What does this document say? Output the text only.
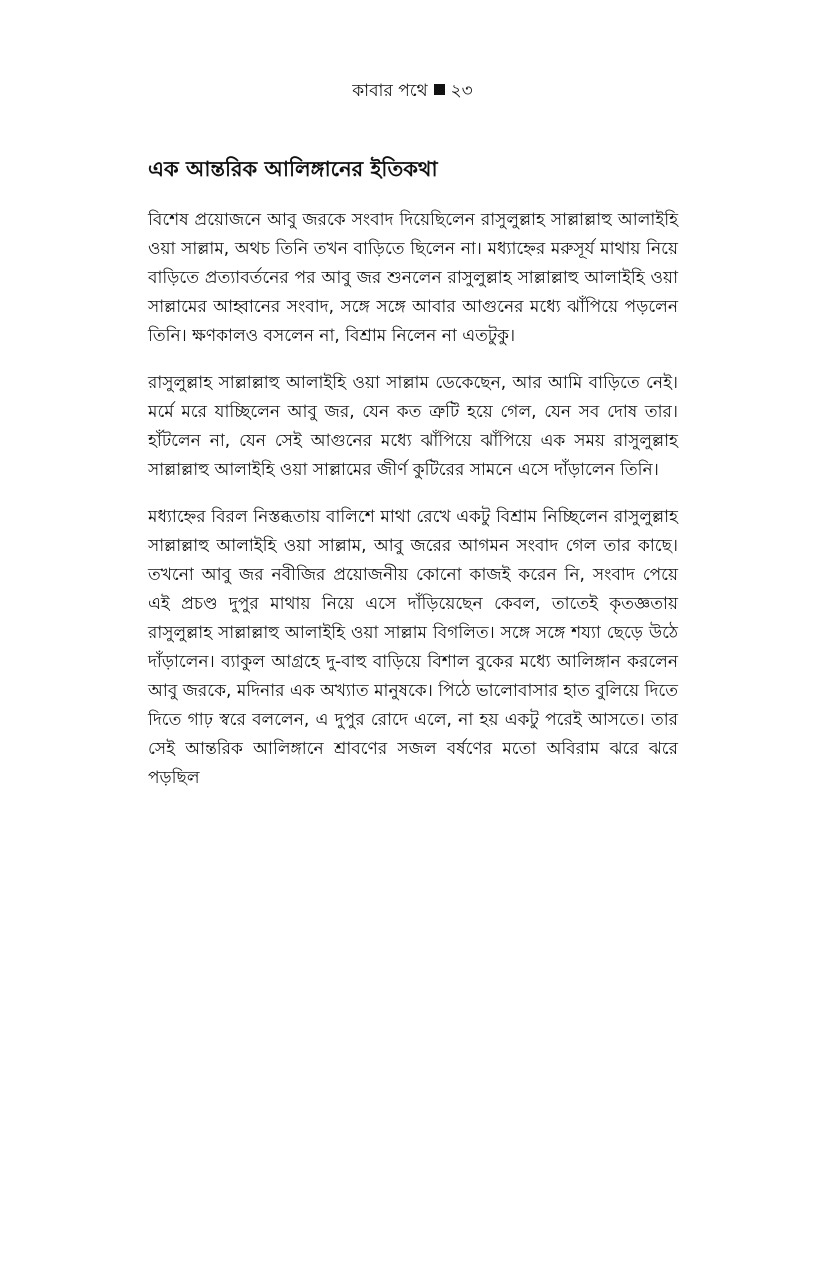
কাবার পথে ২৩
এক আন্তরিক আলিঙ্গানের ইতিকথা

বিশেষ প্রয়োজনে আবু জরকে সংবাদ দিয়েছিলেন রাসুলুল্লাহ সাল্লাল্লাহু আলাইহি ওয়া সাল্লাম, অথচ তিনি তখন বাড়িতে ছিলেন না। মধ্যাহ্নের মরুসূর্য মাথায় নিয়ে বাড়িতে প্রত্যাবর্তনের পর আবু জর শুনলেন রাসুলুল্লাহ সাল্লাল্লাহু আলাইহি ওয়া সাল্লামের আহ্বানের সংবাদ, সঙ্গে সঙ্গে আবার আগুনের মধ্যে ঝাঁপিয়ে পড়লেন তিনি। ক্ষণকালও বসলেন না, বিশ্রাম নিলেন না এতটুকু।

রাসুলুল্লাহ সাল্লাল্লাহু আলাইহি ওয়া সাল্লাম ডেকেছেন, আর আমি বাড়িতে নেই। মর্মে মরে যাচ্ছিলেন আবু জর, যেন কত ত্রুটি হয়ে গেল, যেন সব দোষ তার। হাঁটলেন না, যেন সেই আগুনের মধ্যে ঝাঁপিয়ে ঝাঁপিয়ে এক সময় রাসুলুল্লাহ সাল্লাল্লাহু আলাইহি ওয়া সাল্লামের জীর্ণ কুটিরের সামনে এসে দাঁড়ালেন তিনি।

মধ্যাহ্নের বিরল নিস্তব্ধতায় বালিশে মাথা রেখে একটু বিশ্রাম নিচ্ছিলেন রাসুলুল্লাহ সাল্লাল্লাহু আলাইহি ওয়া সাল্লাম, আবু জরের আগমন সংবাদ গেল তার কাছে। তখনো আবু জর নবীজির প্রয়োজনীয় কোনো কাজই করেন নি, সংবাদ পেয়ে এই প্রচণ্ড দুপুর মাথায় নিয়ে এসে দাঁড়িয়েছেন কেবল, তাতেই কৃতজ্ঞতায় রাসুলুল্লাহ সাল্লাল্লাহু আলাইহি ওয়া সাল্লাম বিগলিত। সঙ্গে সঙ্গে শয্যা ছেড়ে উঠে দাঁড়ালেন। ব্যাকুল আগ্রহে দু-বাহু বাড়িয়ে বিশাল বুকের মধ্যে আলিঙ্গান করলেন আবু জরকে, মদিনার এক অখ্যাত মানুষকে। পিঠে ভালোবাসার হাত বুলিয়ে দিতে দিতে গাঢ় স্বরে বললেন, এ দুপুর রোদে এলে, না হয় একটু পরেই আসতে। তার সেই আন্তরিক আলিঙ্গানে শ্রাবণের সজল বর্ষণের মতো অবিরাম ঝরে ঝরে পড়ছিল
